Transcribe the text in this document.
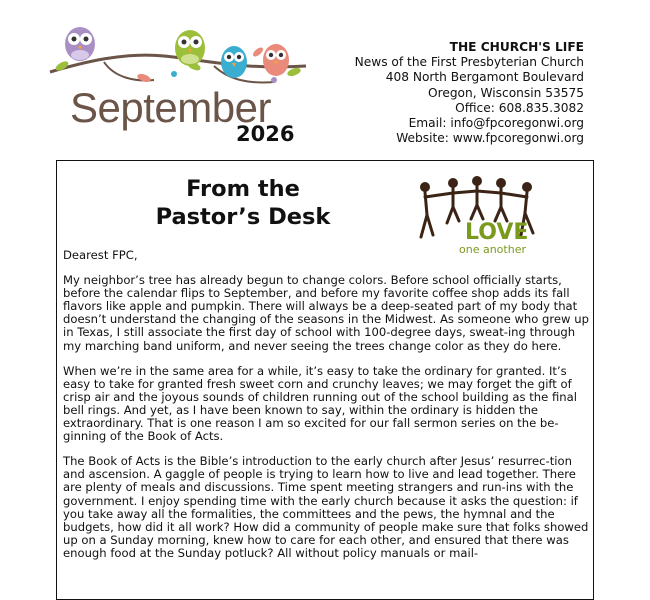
September
2026
THE CHURCH'S LIFE
News of the First Presbyterian Church
408 North Bergamont Boulevard
Oregon, Wisconsin 53575
Office: 608.835.3082
Email: info@fpcoregonwi.org
Website: www.fpcoregonwi.org
From the
Pastor’s Desk
LOVE
one another

Dearest FPC,

My neighbor’s tree has already begun to change colors. Before school officially starts, before the calendar flips to September, and before my favorite coffee shop adds its fall flavors like apple and pumpkin. There will always be a deep-seated part of my body that doesn’t understand the changing of the seasons in the Midwest. As someone who grew up in Texas, I still associate the first day of school with 100-degree days, sweat-ing through my marching band uniform, and never seeing the trees change color as they do here.

When we’re in the same area for a while, it’s easy to take the ordinary for granted. It’s easy to take for granted fresh sweet corn and crunchy leaves; we may forget the gift of crisp air and the joyous sounds of children running out of the school building as the final bell rings. And yet, as I have been known to say, within the ordinary is hidden the extraordinary. That is one reason I am so excited for our fall sermon series on the be-ginning of the Book of Acts.

The Book of Acts is the Bible’s introduction to the early church after Jesus’ resurrec-tion and ascension. A gaggle of people is trying to learn how to live and lead together. There are plenty of meals and discussions. Time spent meeting strangers and run-ins with the government. I enjoy spending time with the early church because it asks the question: if you take away all the formalities, the committees and the pews, the hymnal and the budgets, how did it all work? How did a community of people make sure that folks showed up on a Sunday morning, knew how to care for each other, and ensured that there was enough food at the Sunday potluck? All without policy manuals or mail-
